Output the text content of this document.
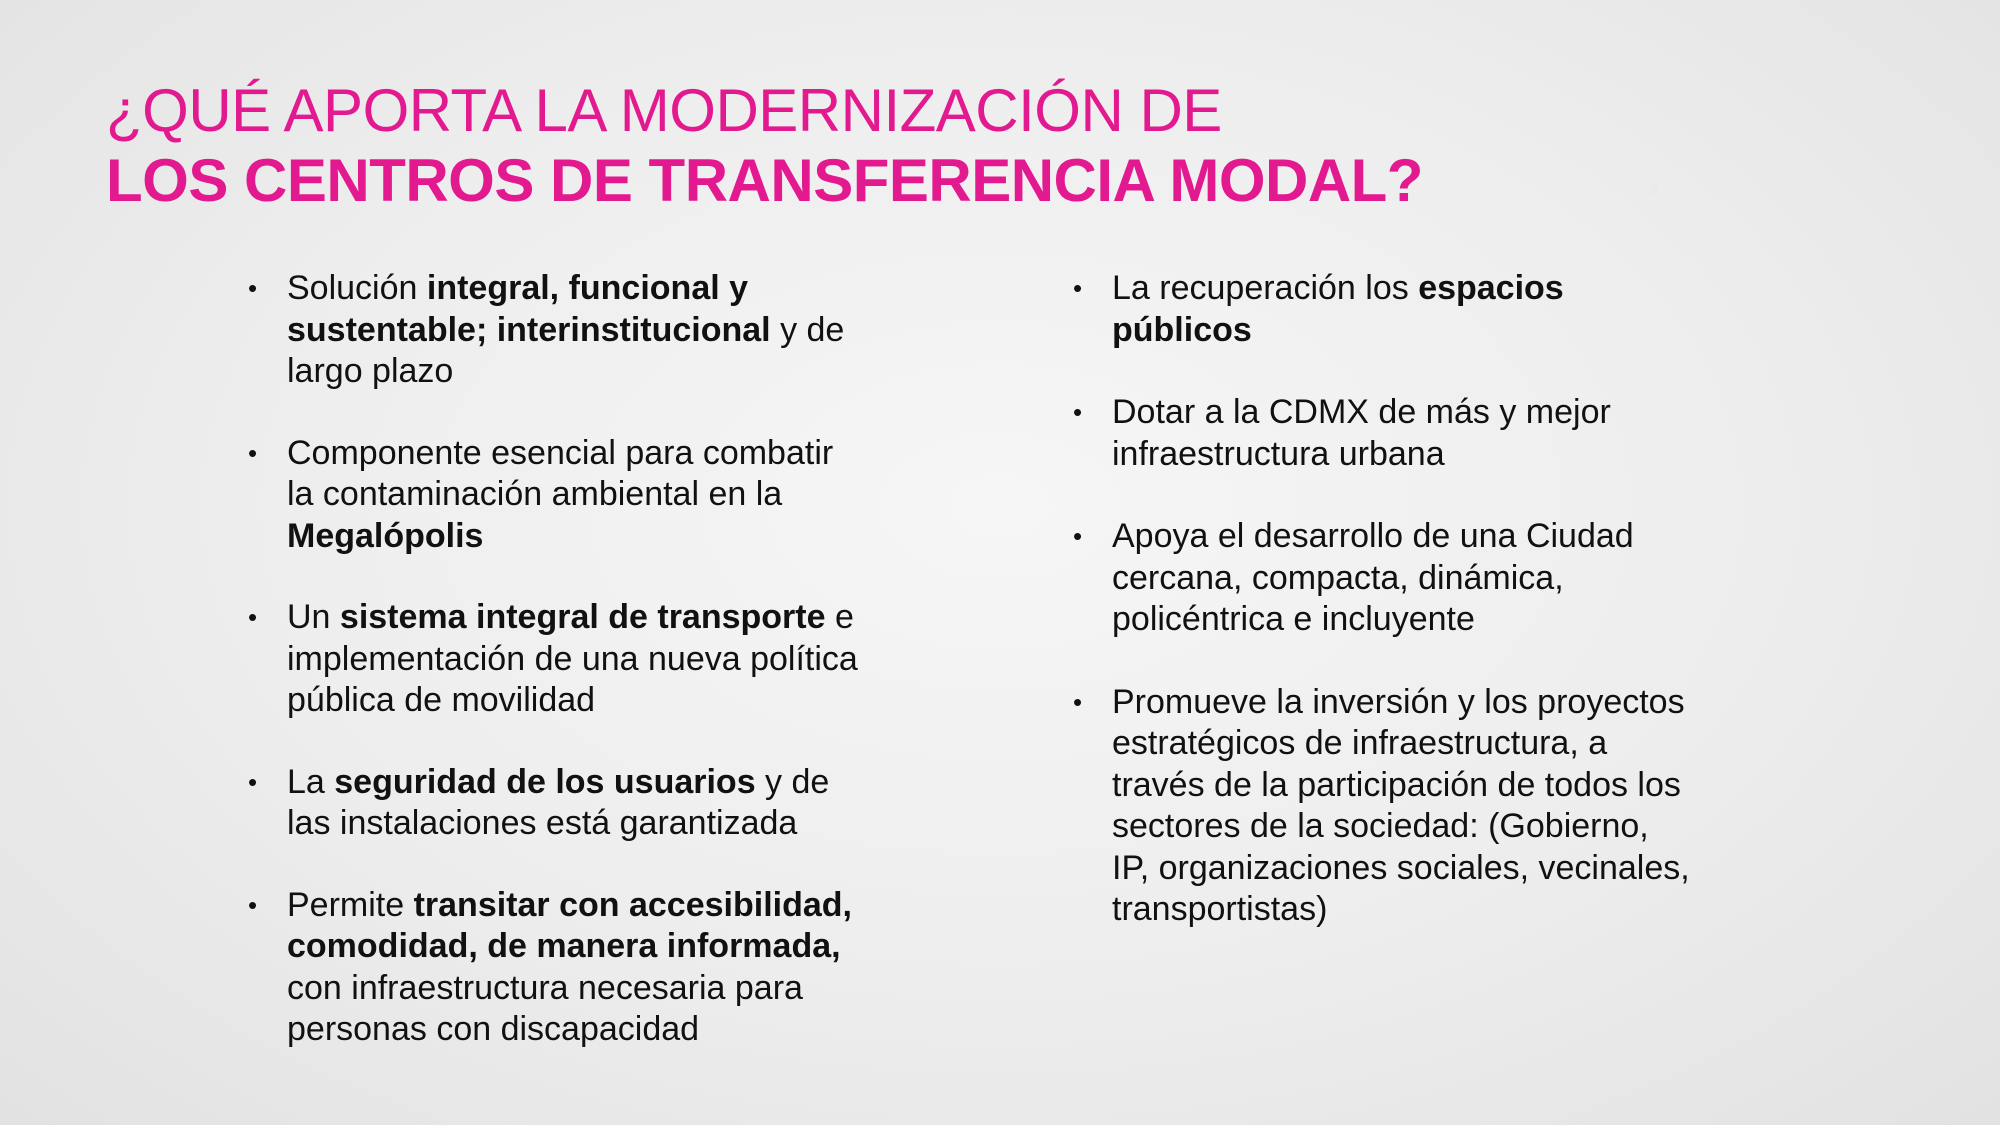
¿QUÉ APORTA LA MODERNIZACIÓN DE
LOS CENTROS DE TRANSFERENCIA MODAL?	3
• Solución integral, funcional y sustentable; interinstitucional y de largo plazo
• Componente esencial para combatir la contaminación ambiental en la Megalópolis
• Un sistema integral de transporte e implementación de una nueva política pública de movilidad
• La seguridad de los usuarios y de las instalaciones está garantizada
• Permite transitar con accesibilidad, comodidad, de manera informada, con infraestructura necesaria para personas con discapacidad
• La recuperación los espacios públicos
• Dotar a la CDMX de más y mejor infraestructura urbana
• Apoya el desarrollo de una Ciudad cercana, compacta, dinámica, policéntrica e incluyente
• Promueve la inversión y los proyectos estratégicos de infraestructura, a través de la participación de todos los sectores de la sociedad: (Gobierno, IP, organizaciones sociales, vecinales, transportistas)
